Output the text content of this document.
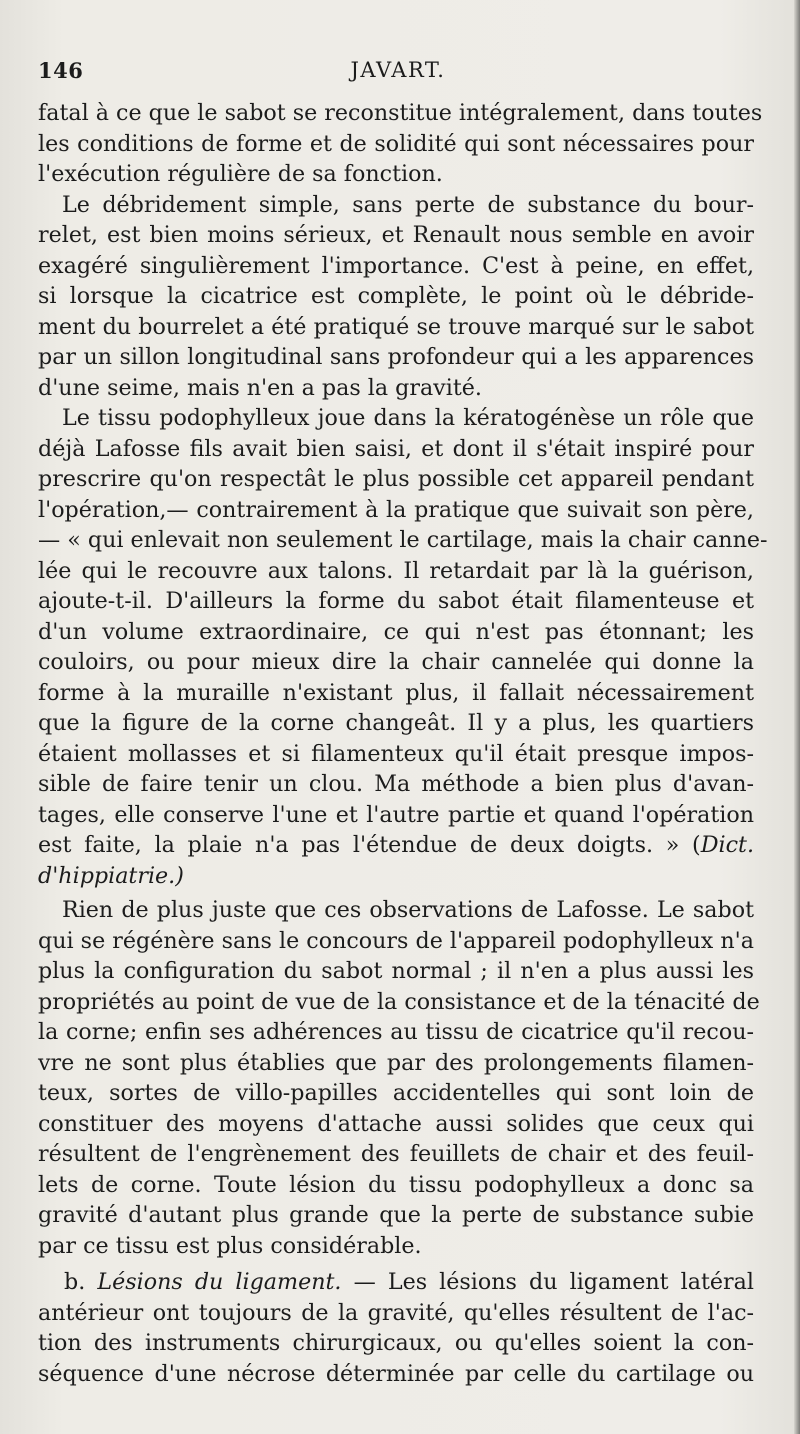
146	JAVART.
fatal à ce que le sabot se reconstitue intégralement, dans toutes
les conditions de forme et de solidité qui sont nécessaires pour
l'exécution régulière de sa fonction.
Le débridement simple, sans perte de substance du bour-
relet, est bien moins sérieux, et Renault nous semble en avoir
exagéré singulièrement l'importance. C'est à peine, en effet,
si lorsque la cicatrice est complète, le point où le débride-
ment du bourrelet a été pratiqué se trouve marqué sur le sabot
par un sillon longitudinal sans profondeur qui a les apparences
d'une seime, mais n'en a pas la gravité.
Le tissu podophylleux joue dans la kératogénèse un rôle que
déjà Lafosse fils avait bien saisi, et dont il s'était inspiré pour
prescrire qu'on respectât le plus possible cet appareil pendant
l'opération,— contrairement à la pratique que suivait son père,
— « qui enlevait non seulement le cartilage, mais la chair canne-
lée qui le recouvre aux talons. Il retardait par là la guérison,
ajoute-t-il. D'ailleurs la forme du sabot était filamenteuse et
d'un volume extraordinaire, ce qui n'est pas étonnant; les
couloirs, ou pour mieux dire la chair cannelée qui donne la
forme à la muraille n'existant plus, il fallait nécessairement
que la figure de la corne changeât. Il y a plus, les quartiers
étaient mollasses et si filamenteux qu'il était presque impos-
sible de faire tenir un clou. Ma méthode a bien plus d'avan-
tages, elle conserve l'une et l'autre partie et quand l'opération
est faite, la plaie n'a pas l'étendue de deux doigts. » (Dict.
d'hippiatrie.)
Rien de plus juste que ces observations de Lafosse. Le sabot
qui se régénère sans le concours de l'appareil podophylleux n'a
plus la configuration du sabot normal ; il n'en a plus aussi les
propriétés au point de vue de la consistance et de la ténacité de
la corne; enfin ses adhérences au tissu de cicatrice qu'il recou-
vre ne sont plus établies que par des prolongements filamen-
teux, sortes de villo-papilles accidentelles qui sont loin de
constituer des moyens d'attache aussi solides que ceux qui
résultent de l'engrènement des feuillets de chair et des feuil-
lets de corne. Toute lésion du tissu podophylleux a donc sa
gravité d'autant plus grande que la perte de substance subie
par ce tissu est plus considérable.
b. Lésions du ligament. — Les lésions du ligament latéral
antérieur ont toujours de la gravité, qu'elles résultent de l'ac-
tion des instruments chirurgicaux, ou qu'elles soient la con-
séquence d'une nécrose déterminée par celle du cartilage ou
